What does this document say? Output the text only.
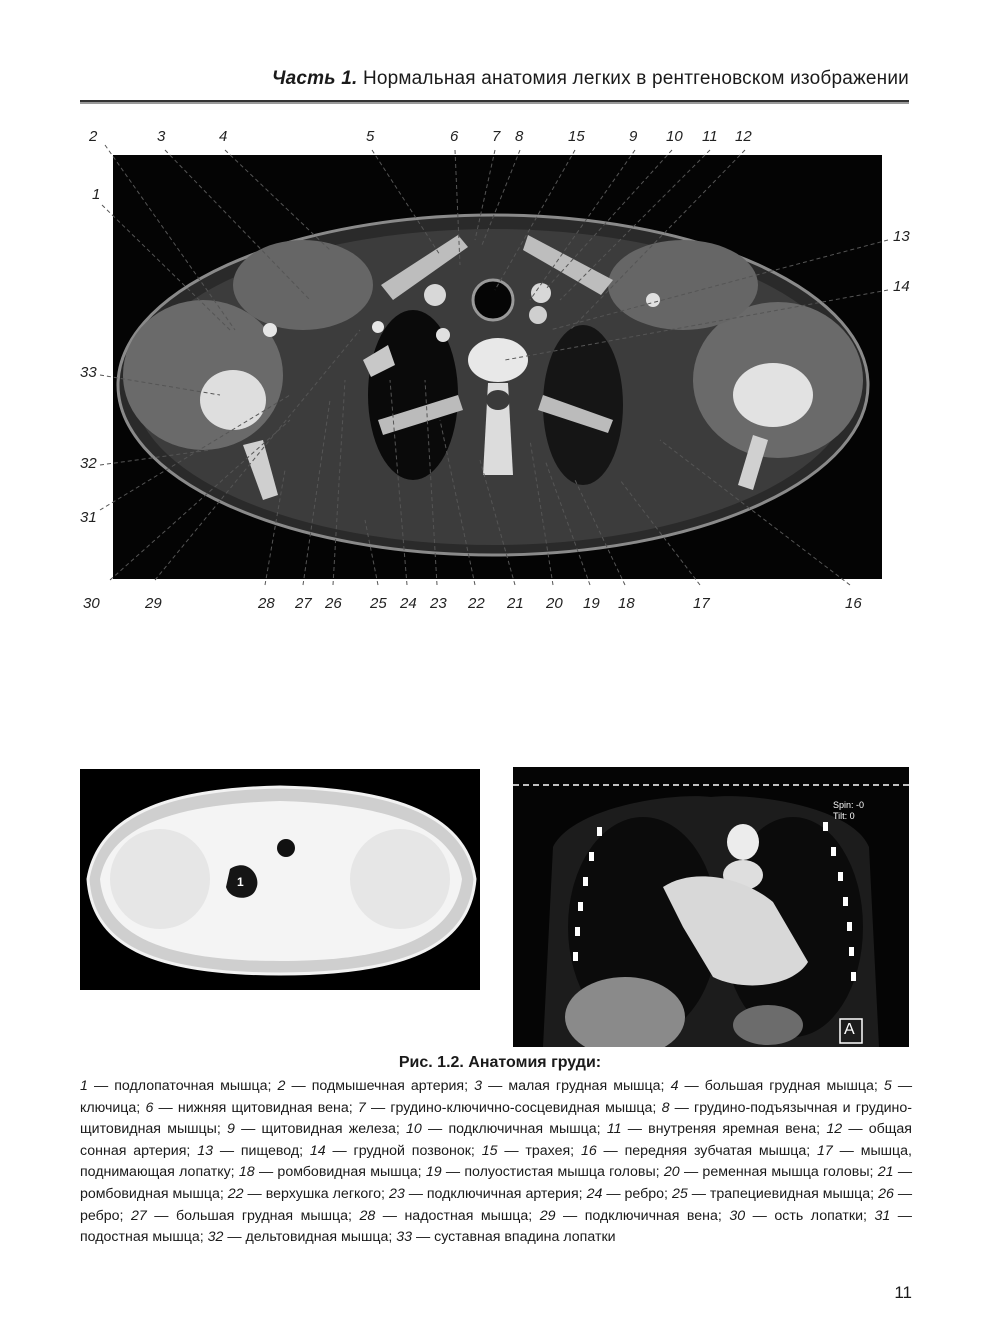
Часть 1. Нормальная анатомия легких в рентгеновском изображении
2	3	4	5	6 7 8	15	9 10 11 12
1
33
32
31
13
14
30	29	28 27 26 25 24 23 22 21 20 19 18	17	16
1
Spin: -0
Tilt: 0
A
Рис. 1.2. Анатомия груди:
1 — подлопаточная мышца; 2 — подмышечная артерия; 3 — малая грудная мышца; 4 — большая грудная мышца; 5 — ключица; 6 — нижняя щитовидная вена; 7 — грудино-ключично-сосцевидная мышца; 8 — грудино-подъязычная и грудино-щитовидная мышцы; 9 — щитовидная железа; 10 — подключичная мышца; 11 — внутреняя яремная вена; 12 — общая сонная артерия; 13 — пищевод; 14 — грудной позвонок; 15 — трахея; 16 — передняя зубчатая мышца; 17 — мышца, поднимающая лопатку; 18 — ромбовидная мышца; 19 — полуостистая мышца головы; 20 — ременная мышца головы; 21 — ромбовидная мышца; 22 — верхушка легкого; 23 — подключичная артерия; 24 — ребро; 25 — трапециевидная мышца; 26 — ребро; 27 — большая грудная мышца; 28 — надостная мышца; 29 — подключичная вена; 30 — ость лопатки; 31 — подостная мышца; 32 — дельтовидная мышца; 33 — суставная впадина лопатки
11
